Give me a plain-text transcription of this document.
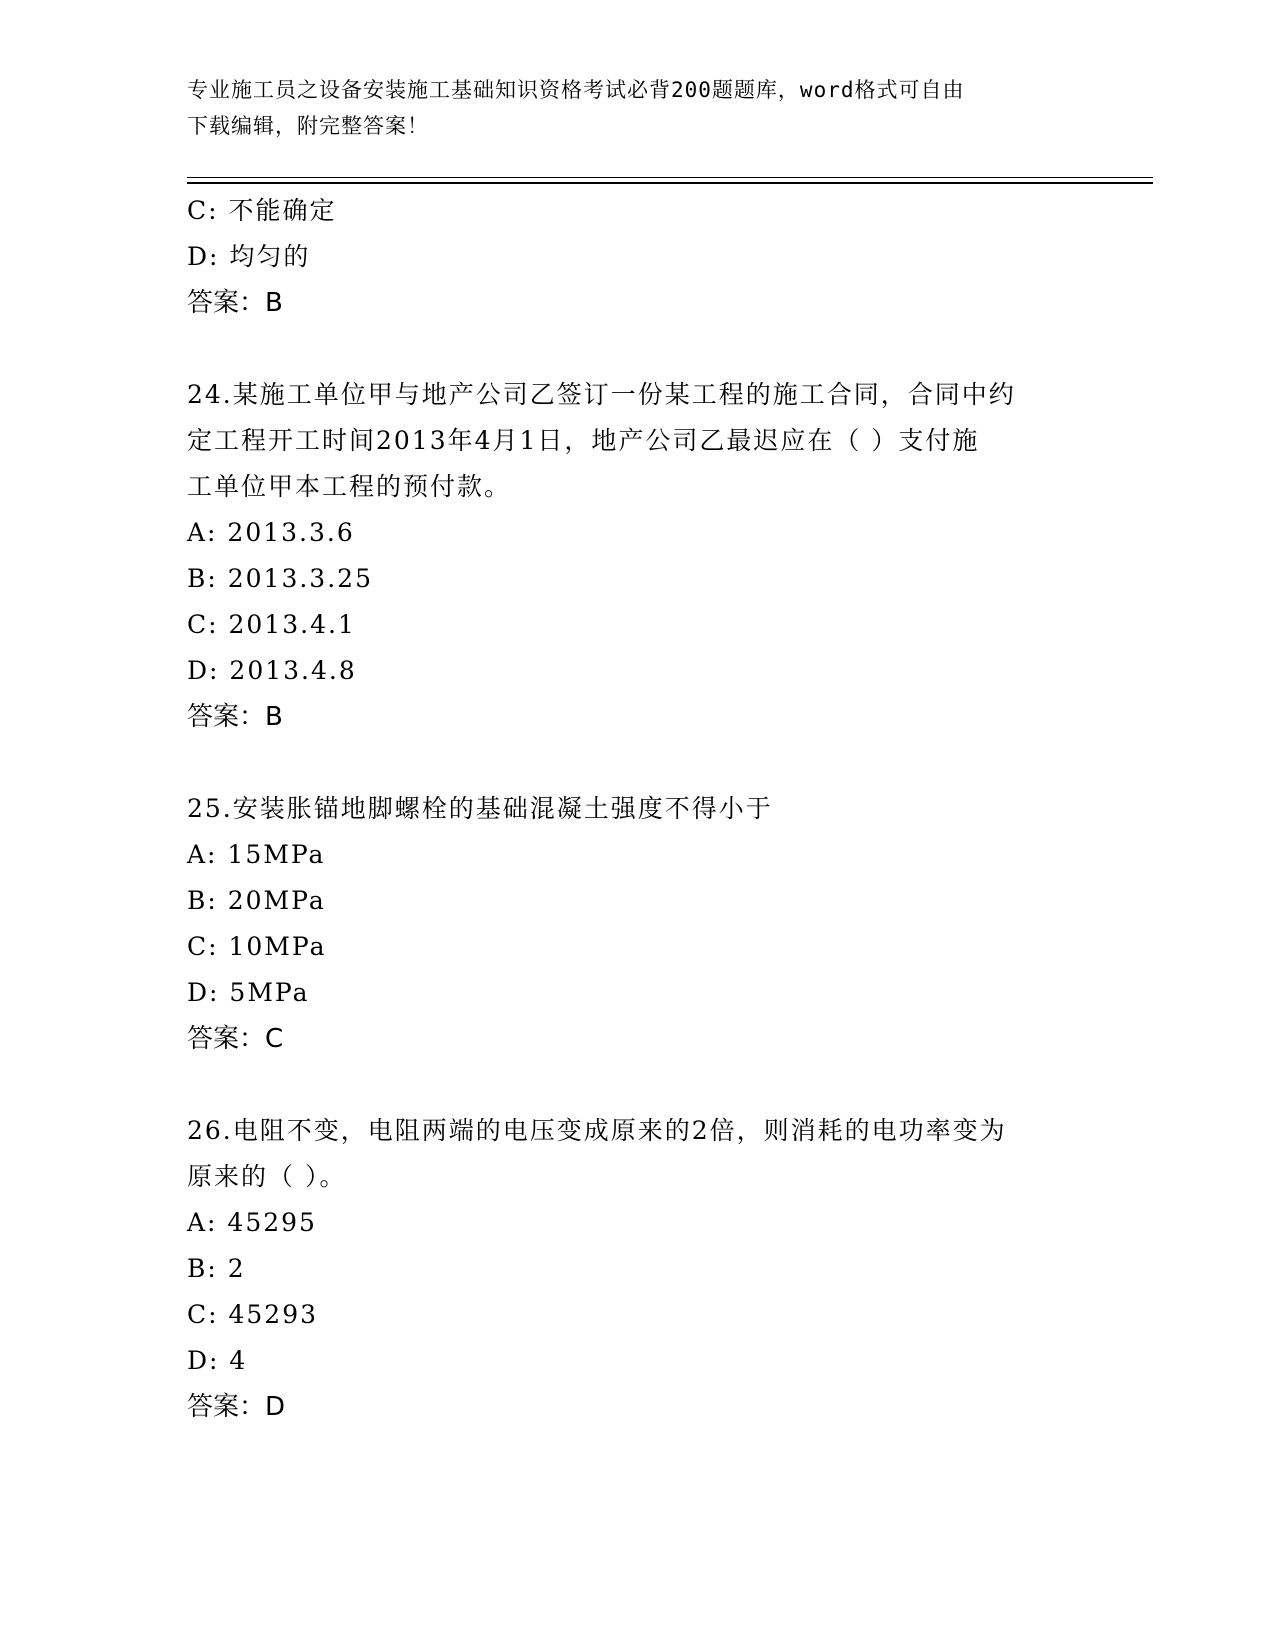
专业施工员之设备安装施工基础知识资格考试必背200题题库，word格式可自由
下载编辑，附完整答案！
C: 不能确定
D: 均匀的
答案：B
24.某施工单位甲与地产公司乙签订一份某工程的施工合同，合同中约
定工程开工时间2013年4月1日，地产公司乙最迟应在（ ）支付施
工单位甲本工程的预付款。
A: 2013.3.6
B: 2013.3.25
C: 2013.4.1
D: 2013.4.8
答案：B
25.安装胀锚地脚螺栓的基础混凝土强度不得小于
A: 15MPa
B: 20MPa
C: 10MPa
D: 5MPa
答案：C
26.电阻不变，电阻两端的电压变成原来的2倍，则消耗的电功率变为
原来的（ ）。
A: 45295
B: 2
C: 45293
D: 4
答案：D
